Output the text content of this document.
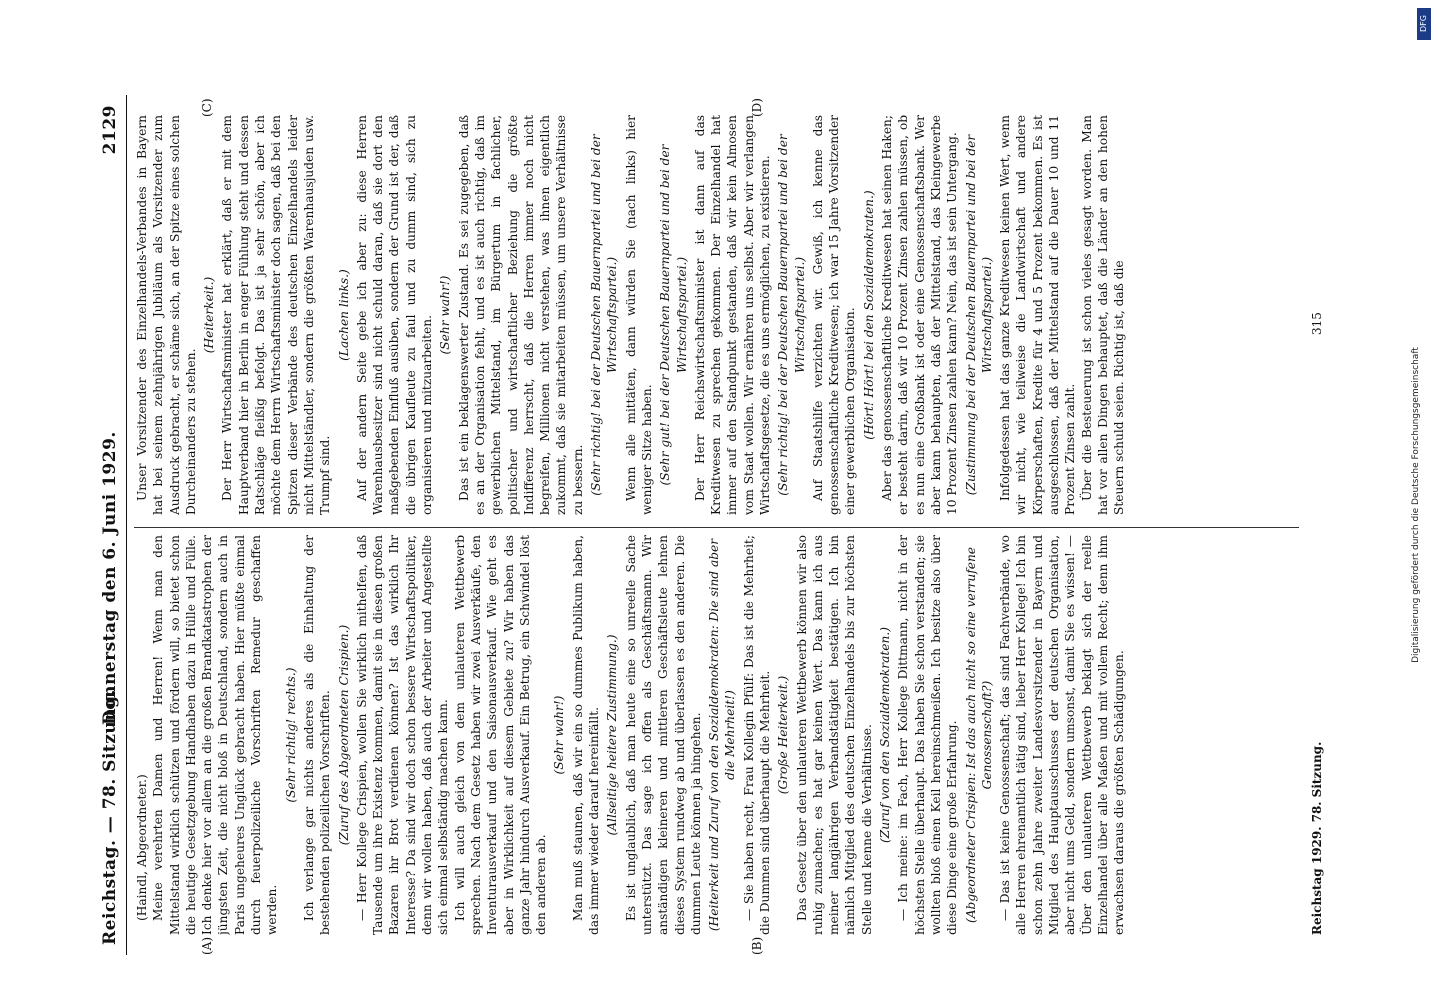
Reichstag. — 78. Sitzung.
Donnerstag den 6. Juni 1929.
2129

(Haindl, Abgeordneter.) Meine verehrten Damen und Herren! Wenn man den Mittelstand wirklich schützen und fördern will, so bietet schon die heutige Gesetzgebung Handhaben dazu in Hülle und Fülle. Ich denke hier vor allem an die großen Brandkatastrophen der jüngsten Zeit, die nicht bloß in Deutschland, sondern auch in Paris ungeheures Unglück gebracht haben. Hier müßte einmal durch feuerpolizeiliche Vorschriften Remedur geschaffen werden.

(Sehr richtig! rechts.) Ich verlange gar nichts anderes als die Einhaltung der bestehenden polizeilichen Vorschriften. (Zuruf des Abgeordneten Crispien.) — Herr Kollege Crispien, wollen Sie wirklich mithelfen, daß Tausende um ihre Existenz kommen, damit sie in diesen großen Bazaren ihr Brot verdienen können? Ist das wirklich Ihr Interesse? Da sind wir doch schon bessere Wirtschaftspolitiker, denn wir wollen haben, daß auch der Arbeiter und Angestellte sich einmal selbständig machen kann. Ich will auch gleich von dem unlauteren Wettbewerb sprechen. Nach dem Gesetz haben wir zwei Ausverkäufe, den Inventurausverkauf und den Saisonausverkauf. Wie geht es aber in Wirklichkeit auf diesem Gebiete zu? Wir haben das ganze Jahr hindurch Ausverkauf. Ein Betrug, ein Schwindel löst den anderen ab.

(Sehr wahr!) Man muß staunen, daß wir ein so dummes Publikum haben, das immer wieder darauf hereinfällt. (Allseitige heitere Zustimmung.) Es ist unglaublich, daß man heute eine so unreelle Sache unterstützt. Das sage ich offen als Geschäftsmann. Wir anständigen kleineren und mittleren Geschäftsleute lehnen dieses System rundweg ab und überlassen es den anderen. Die dummen Leute können ja hingehen. (Heiterkeit und Zuruf von den Sozialdemokraten: Die sind aber die Mehrheit!) — Sie haben recht, Frau Kollegin Pfülf: Das ist die Mehrheit; die Dummen sind überhaupt die Mehrheit. (Große Heiterkeit.) Das Gesetz über den unlauteren Wettbewerb können wir also ruhig zumachen; es hat gar keinen Wert. Das kann ich aus meiner langjährigen Verbandstätigkeit bestätigen. Ich bin nämlich Mitglied des deutschen Einzelhandels bis zur höchsten Stelle und kenne die Verhältnisse. (Zuruf von den Sozialdemokraten.) — Ich meine: im Fach, Herr Kollege Dittmann, nicht in der höchsten Stelle überhaupt. Das haben Sie schon verstanden; sie wollten bloß einen Keil hereinschmeißen. Ich besitze also über diese Dinge eine große Erfahrung. (Abgeordneter Crispien: Ist das auch nicht so eine verrufene Genossenschaft?) — Das ist keine Genossenschaft; das sind Fachverbände, wo alle Herren ehrenamtlich tätig sind, lieber Herr Kollege! Ich bin schon zehn Jahre zweiter Landesvorsitzender in Bayern und Mitglied des Hauptausschusses der deutschen Organisation, aber nicht ums Geld, sondern umsonst, damit Sie es wissen! — Über den unlauteren Wettbewerb beklagt sich der reelle Einzelhandel über alle Maßen und mit vollem Recht; denn ihm erwachsen daraus die größten Schädigungen.

Unser Vorsitzender des Einzelhandels-Verbandes in Bayern hat bei seinem zehnjährigen Jubiläum als Vorsitzender zum Ausdruck gebracht, er schäme sich, an der Spitze eines solchen Durcheinanders zu stehen.

(Heiterkeit.) Der Herr Wirtschaftsminister hat erklärt, daß er mit dem Hauptverband hier in Berlin in enger Fühlung steht und dessen Ratschläge fleißig befolgt. Das ist ja sehr schön, aber ich möchte dem Herrn Wirtschaftsminister doch sagen, daß bei den Spitzen dieser Verbände des deutschen Einzelhandels leider nicht Mittelständler, sondern die größten Warenhausjuden usw. Trumpf sind.

(Lachen links.) Auf der andern Seite gebe ich aber zu: diese Herren Warenhausbesitzer sind nicht schuld daran, daß sie dort den maßgebenden Einfluß ausüben, sondern der Grund ist der, daß die übrigen Kaufleute zu faul und zu dumm sind, sich zu organisieren und mitzuarbeiten.

(Sehr wahr!) Das ist ein beklagenswerter Zustand. Es sei zugegeben, daß es an der Organisation fehlt, und es ist auch richtig, daß im gewerblichen Mittelstand, im Bürgertum in fachlicher, politischer und wirtschaftlicher Beziehung die größte Indifferenz herrscht, daß die Herren immer noch nicht begreifen, Millionen nicht verstehen, was ihnen eigentlich zukommt, daß sie mitarbeiten müssen, um unsere Verhältnisse zu bessern. (Sehr richtig! bei der Deutschen Bauernpartei und bei der Wirtschaftspartei.) Wenn alle mittäten, dann würden Sie (nach links) hier weniger Sitze haben. (Sehr gut! bei der Deutschen Bauernpartei und bei der Wirtschaftspartei.) Der Herr Reichswirtschaftsminister ist dann auf das Kreditwesen zu sprechen gekommen. Der Einzelhandel hat immer auf den Standpunkt gestanden, daß wir kein Almosen vom Staat wollen. Wir ernähren uns selbst. Aber wir verlangen Wirtschaftsgesetze, die es uns ermöglichen, zu existieren. (Sehr richtig! bei der Deutschen Bauernpartei und bei der Wirtschaftspartei.) Auf Staatshilfe verzichten wir. Gewiß, ich kenne das genossenschaftliche Kreditwesen; ich war 15 Jahre Vorsitzender einer gewerblichen Organisation. (Hört! Hört! bei den Sozialdemokraten.) Aber das genossenschaftliche Kreditwesen hat seinen Haken; er besteht darin, daß wir 10 Prozent Zinsen zahlen müssen, ob es nun eine Großbank ist oder eine Genossenschaftsbank. Wer aber kann behaupten, daß der Mittelstand, das Kleingewerbe 10 Prozent Zinsen zahlen kann? Nein, das ist sein Untergang. (Zustimmung bei der Deutschen Bauernpartei und bei der Wirtschaftspartei.) Infolgedessen hat das ganze Kreditwesen keinen Wert, wenn wir nicht, wie teilweise die Landwirtschaft und andere Körperschaften, Kredite für 4 und 5 Prozent bekommen. Es ist ausgeschlossen, daß der Mittelstand auf die Dauer 10 und 11 Prozent Zinsen zahlt. Über die Besteuerung ist schon vieles gesagt worden. Man hat vor allen Dingen behauptet, daß die Länder an den hohen Steuern schuld seien. Richtig ist, daß die

(A)	(B)
(C)	(D)
Reichstag 1929. 78. Sitzung.
315
DFG
Digitalisierung gefördert durch die Deutsche Forschungsgemeinschaft
